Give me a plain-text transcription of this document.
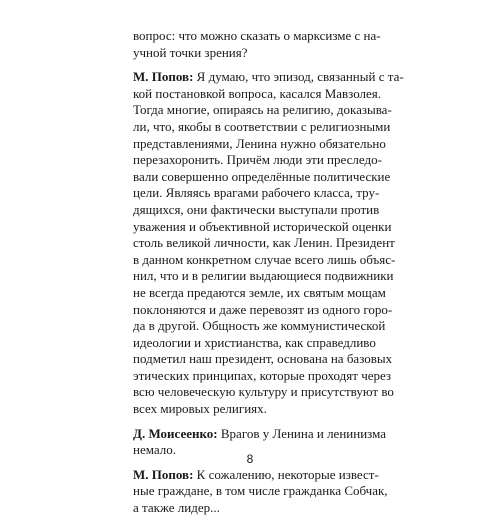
вопрос: что можно сказать о марксизме с на-
учной точки зрения?

М. Попов: Я думаю, что эпизод, связанный с та-
кой постановкой вопроса, касался Мавзолея.
Тогда многие, опираясь на религию, доказыва-
ли, что, якобы в соответствии с религиозными
представлениями, Ленина нужно обязательно
перезахоронить. Причём люди эти преследо-
вали совершенно определённые политические
цели. Являясь врагами рабочего класса, тру-
дящихся, они фактически выступали против
уважения и объективной исторической оценки
столь великой личности, как Ленин. Президент
в данном конкретном случае всего лишь объяс-
нил, что и в религии выдающиеся подвижники
не всегда предаются земле, их святым мощам
поклоняются и даже перевозят из одного горо-
да в другой. Общность же коммунистической
идеологии и христианства, как справедливо
подметил наш президент, основана на базовых
этических принципах, которые проходят через
всю человеческую культуру и присутствуют во
всех мировых религиях.

Д. Моисеенко: Врагов у Ленина и ленинизма
немало.

М. Попов: К сожалению, некоторые извест-
ные граждане, в том числе гражданка Собчак,
а также лидер...

8
